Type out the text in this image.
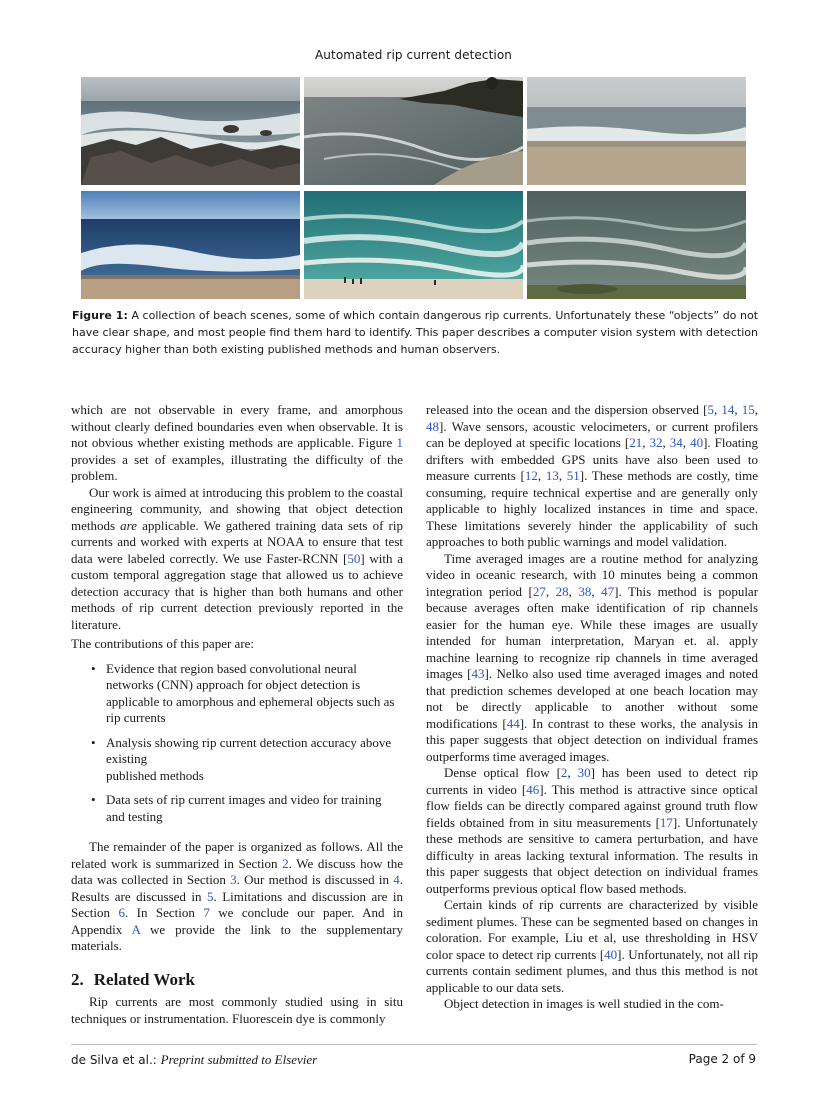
Automated rip current detection
Figure 1: A collection of beach scenes, some of which contain dangerous rip currents. Unfortunately these “objects” do not have clear shape, and most people find them hard to identify. This paper describes a computer vision system with detection accuracy higher than both existing published methods and human observers.

which are not observable in every frame, and amorphous without clearly defined boundaries even when observable. It is not obvious whether existing methods are applicable. Figure 1 provides a set of examples, illustrating the difficulty of the problem.

Our work is aimed at introducing this problem to the coastal engineering community, and showing that object detection methods are applicable. We gathered training data sets of rip currents and worked with experts at NOAA to ensure that test data were labeled correctly. We use Faster-RCNN [50] with a custom temporal aggregation stage that allowed us to achieve detection accuracy that is higher than both humans and other methods of rip current detection previously reported in the literature.

The contributions of this paper are:

• Evidence that region based convolutional neural networks (CNN) approach for object detection is applicable to amorphous and ephemeral objects such as rip currents
• Analysis showing rip current detection accuracy above existing
published methods
• Data sets of rip current images and video for training and testing

The remainder of the paper is organized as follows. All the related work is summarized in Section 2. We discuss how the data was collected in Section 3. Our method is discussed in 4. Results are discussed in 5. Limitations and discussion are in Section 6. In Section 7 we conclude our paper. And in Appendix A we provide the link to the supplementary materials.

2. Related Work

Rip currents are most commonly studied using in situ techniques or instrumentation. Fluorescein dye is commonly

released into the ocean and the dispersion observed [5, 14, 15, 48]. Wave sensors, acoustic velocimeters, or current profilers can be deployed at specific locations [21, 32, 34, 40]. Floating drifters with embedded GPS units have also been used to measure currents [12, 13, 51]. These methods are costly, time consuming, require technical expertise and are generally only applicable to highly localized instances in time and space. These limitations severely hinder the applicability of such approaches to both public warnings and model validation.

Time averaged images are a routine method for analyzing video in oceanic research, with 10 minutes being a common integration period [27, 28, 38, 47]. This method is popular because averages often make identification of rip channels easier for the human eye. While these images are usually intended for human interpretation, Maryan et. al. apply machine learning to recognize rip channels in time averaged images [43]. Nelko also used time averaged images and noted that prediction schemes developed at one beach location may not be directly applicable to another without some modifications [44]. In contrast to these works, the analysis in this paper suggests that object detection on individual frames outperforms time averaged images.

Dense optical flow [2, 30] has been used to detect rip currents in video [46]. This method is attractive since optical flow fields can be directly compared against ground truth flow fields obtained from in situ measurements [17]. Unfortunately these methods are sensitive to camera perturbation, and have difficulty in areas lacking textural information. The results in this paper suggests that object detection on individual frames outperforms previous optical flow based methods.

Certain kinds of rip currents are characterized by visible sediment plumes. These can be segmented based on changes in coloration. For example, Liu et al, use thresholding in HSV color space to detect rip currents [40]. Unfortunately, not all rip currents contain sediment plumes, and thus this method is not applicable to our data sets.

Object detection in images is well studied in the com-

de Silva et al.: Preprint submitted to Elsevier	Page 2 of 9
